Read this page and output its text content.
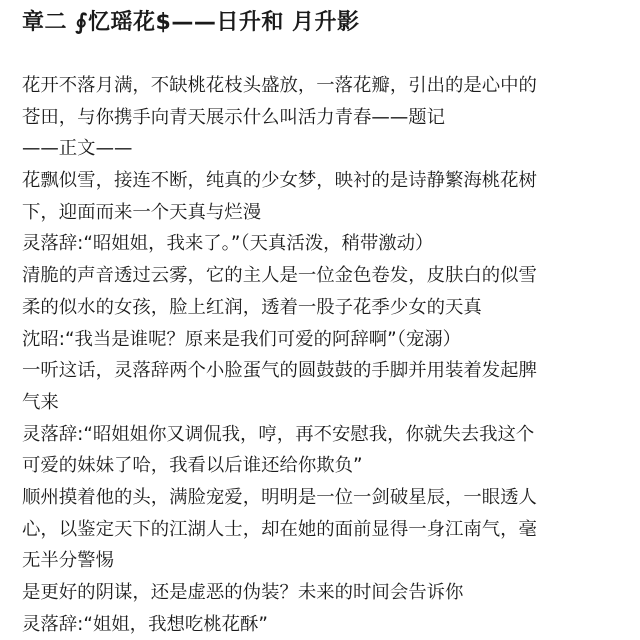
章二 ∮忆瑶花$——日升和 月升影
花开不落月满，不缺桃花枝头盛放，一落花瓣，引出的是心中的
苍田，与你携手向青天展示什么叫活力青春——题记
——正文——
花飘似雪，接连不断，纯真的少女梦，映衬的是诗静繁海桃花树
下，迎面而来一个天真与烂漫
灵落辞:“昭姐姐，我来了。”（天真活泼，稍带激动）
清脆的声音透过云雾，它的主人是一位金色卷发，皮肤白的似雪
柔的似水的女孩，脸上红润，透着一股子花季少女的天真
沈昭:“我当是谁呢？原来是我们可爱的阿辞啊”（宠溺）
一听这话，灵落辞两个小脸蛋气的圆鼓鼓的手脚并用装着发起脾
气来
灵落辞:“昭姐姐你又调侃我，哼，再不安慰我，你就失去我这个
可爱的妹妹了哈，我看以后谁还给你欺负”
顺州摸着他的头，满脸宠爱，明明是一位一剑破星辰，一眼透人
心，以鉴定天下的江湖人士，却在她的面前显得一身江南气，毫
无半分警惕
是更好的阴谋，还是虚恶的伪装？未来的时间会告诉你
灵落辞:“姐姐，我想吃桃花酥”
